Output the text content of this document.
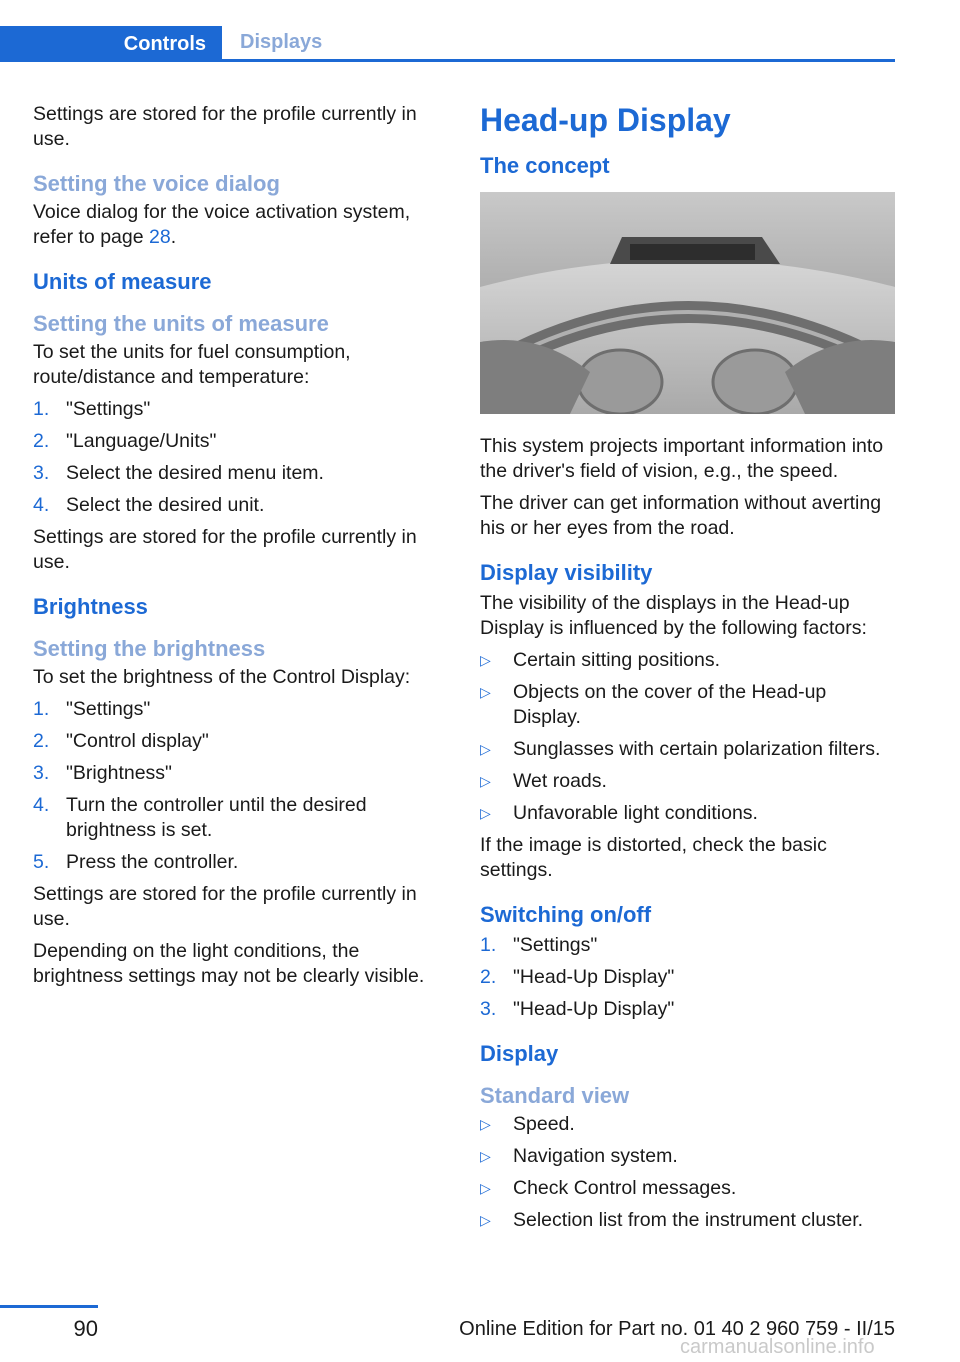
Controls	Displays

Settings are stored for the profile currently in use.

Setting the voice dialog

Voice dialog for the voice activation system, refer to page 28.

Units of measure
Setting the units of measure

To set the units for fuel consumption, route/distance and temperature:

1. "Settings"
2. "Language/Units"
3. Select the desired menu item.
4. Select the desired unit.

Settings are stored for the profile currently in use.

Brightness
Setting the brightness

To set the brightness of the Control Display:

1. "Settings"
2. "Control display"
3. "Brightness"
4. Turn the controller until the desired brightness is set.
5. Press the controller.

Settings are stored for the profile currently in use.

Depending on the light conditions, the brightness settings may not be clearly visible.

Head-up Display
The concept

This system projects important information into the driver's field of vision, e.g., the speed.

The driver can get information without averting his or her eyes from the road.

Display visibility

The visibility of the displays in the Head-up Display is influenced by the following factors:

▷ Certain sitting positions.
▷ Objects on the cover of the Head-up Display.
▷ Sunglasses with certain polarization filters.
▷ Wet roads.
▷ Unfavorable light conditions.

If the image is distorted, check the basic settings.

Switching on/off
1. "Settings"
2. "Head-Up Display"
3. "Head-Up Display"
Display
Standard view
▷ Speed.
▷ Navigation system.
▷ Check Control messages.
▷ Selection list from the instrument cluster.
90	Online Edition for Part no. 01 40 2 960 759 - II/15
carmanualsonline.info
